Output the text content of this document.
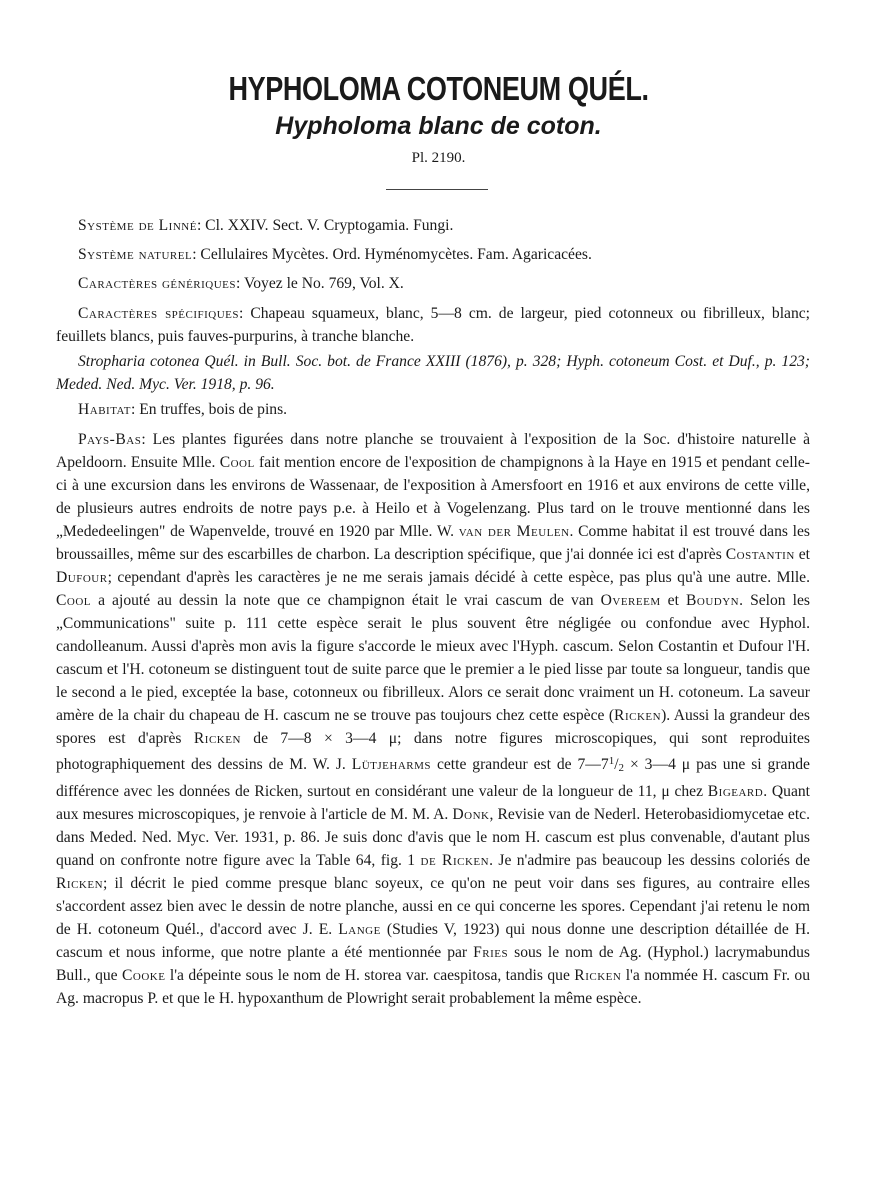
HYPHOLOMA COTONEUM QUÉL.
Hypholoma blanc de coton.
Pl. 2190.

Système de Linné: Cl. XXIV. Sect. V. Cryptogamia. Fungi.

Système naturel: Cellulaires Mycètes. Ord. Hyménomycètes. Fam. Agaricacées.

Caractères génériques: Voyez le No. 769, Vol. X.

Caractères spécifiques: Chapeau squameux, blanc, 5—8 cm. de largeur, pied cotonneux ou fibrilleux, blanc; feuillets blancs, puis fauves-purpurins, à tranche blanche.

Stropharia cotonea Quél. in Bull. Soc. bot. de France XXIII (1876), p. 328; Hyph. cotoneum Cost. et Duf., p. 123; Meded. Ned. Myc. Ver. 1918, p. 96.

Habitat: En truffes, bois de pins.

Pays-Bas: Les plantes figurées dans notre planche se trouvaient à l'exposition de la Soc. d'histoire naturelle à Apeldoorn. Ensuite Mlle. Cool fait mention encore de l'exposition de champignons à la Haye en 1915 et pendant celle-ci à une excursion dans les environs de Wassenaar, de l'exposition à Amersfoort en 1916 et aux environs de cette ville, de plusieurs autres endroits de notre pays p.e. à Heilo et à Vogelenzang. Plus tard on le trouve mentionné dans les „Mededeelingen" de Wapenvelde, trouvé en 1920 par Mlle. W. van der Meulen. Comme habitat il est trouvé dans les broussailles, même sur des escarbilles de charbon. La description spécifique, que j'ai donnée ici est d'après Costantin et Dufour; cependant d'après les caractères je ne me serais jamais décidé à cette espèce, pas plus qu'à une autre. Mlle. Cool a ajouté au dessin la note que ce champignon était le vrai cascum de van Overeem et Boudyn. Selon les „Communications" suite p. 111 cette espèce serait le plus souvent être négligée ou confondue avec Hyphol. candolleanum. Aussi d'après mon avis la figure s'accorde le mieux avec l'Hyph. cascum. Selon Costantin et Dufour l'H. cascum et l'H. cotoneum se distinguent tout de suite parce que le premier a le pied lisse par toute sa longueur, tandis que le second a le pied, exceptée la base, cotonneux ou fibrilleux. Alors ce serait donc vraiment un H. cotoneum. La saveur amère de la chair du chapeau de H. cascum ne se trouve pas toujours chez cette espèce (Ricken). Aussi la grandeur des spores est d'après Ricken de 7—8 × 3—4 μ; dans notre figures microscopiques, qui sont reproduites photographiquement des dessins de M. W. J. Lütjeharms cette grandeur est de $7—7^1/2$ × 3—4 μ pas une si grande différence avec les données de Ricken, surtout en considérant une valeur de la longueur de 11, μ chez Bigeard. Quant aux mesures microscopiques, je renvoie à l'article de M. M. A. Donk, Revisie van de Nederl. Heterobasidiomycetae etc. dans Meded. Ned. Myc. Ver. 1931, p. 86. Je suis donc d'avis que le nom H. cascum est plus convenable, d'autant plus quand on confronte notre figure avec la Table 64, fig. 1 de Ricken. Je n'admire pas beaucoup les dessins coloriés de Ricken; il décrit le pied comme presque blanc soyeux, ce qu'on ne peut voir dans ses figures, au contraire elles s'accordent assez bien avec le dessin de notre planche, aussi en ce qui concerne les spores. Cependant j'ai retenu le nom de H. cotoneum Quél., d'accord avec J. E. Lange (Studies V, 1923) qui nous donne une description détaillée de H. cascum et nous informe, que notre plante a été mentionnée par Fries sous le nom de Ag. (Hyphol.) lacrymabundus Bull., que Cooke l'a dépeinte sous le nom de H. storea var. caespitosa, tandis que Ricken l'a nommée H. cascum Fr. ou Ag. macropus P. et que le H. hypoxanthum de Plowright serait probablement la même espèce.
